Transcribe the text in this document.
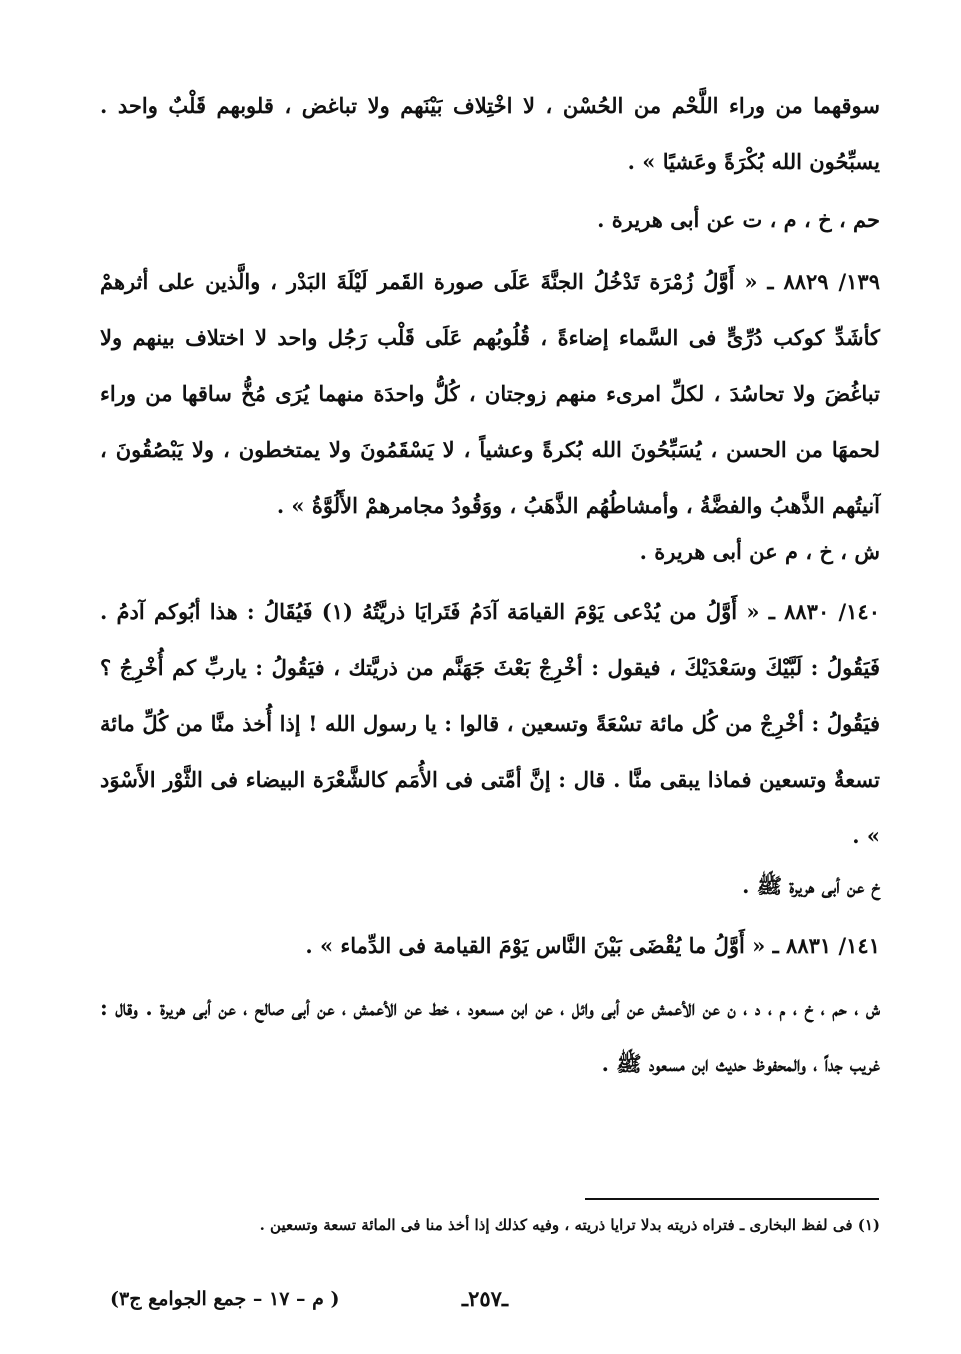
سوقهما من وراء اللَّحْم من الحُسْن ، لا اخْتِلاف بَيْنَهم ولا تباغض ، قلوبهم قَلْبٌ واحد . يسبِّحُون الله بُكْرَةً وعَشيًا » .

حم ، خ ، م ، ت عن أبى هريرة .

١٣٩/ ٨٨٢٩ ـ « أَوَّلُ زُمْرَة تَدْخُلُ الجنَّةَ عَلَى صورة القَمر لَيْلَةَ البَدْر ، والَّذين على أثرهمْ كأشَدِّ كوكب دُرِّىٍّ فى السَّماء إضاءةً ، قُلُوبُهم عَلَى قَلْب رَجُل واحد لا اختلاف بينهم ولا تباغُضَ ولا تحاسُدَ ، لكلِّ امرىء منهم زوجتان ، كُلُّ واحدَة منهما يُرَى مُخُّ ساقها من وراء لحمهَا من الحسن ، يُسَبِّحُونَ الله بُكرةً وعشياً ، لا يَسْقَمُونَ ولا يمتخطون ، ولا يَبْصُقُونَ ، آنيتُهم الذَّهبُ والفضَّةُ ، وأمشاطُهُم الذَّهَبُ ، ووَقُودُ مجامرهمْ الأَلُوَّةُ » .

ش ، خ ، م عن أبى هريرة .

١٤٠/ ٨٨٣٠ ـ « أَوَّلُ من يُدْعى يَوْمَ القيامَة آدَمُ فَتَرايَا ذريَّتُهُ (١) فَيُقَالُ : هذا أبُوكم آدمُ . فَيَقُولُ : لَبَّيْكَ وسَعْدَيْكَ ، فيقول : أخْرِجْ بَعْثَ جَهَنَّم من ذريَّتك ، فيَقُولُ : ياربِّ كم أُخْرِجُ ؟ فيَقُولُ : أخْرِجْ من كُل مائة تسْعَةً وتسعين ، قالوا : يا رسول الله ! إذا أُخذ منَّا من كُلِّ مائة تسعةٌ وتسعين فماذا يبقى منَّا . قال : إنَّ أمَّتى فى الأُمَم كالشَّعْرَة البيضاء فى الثَّوْر الأَسْوَد » .

خ عن أبى هريرة ﷺ .

١٤١/ ٨٨٣١ ـ « أَوَّلُ ما يُقْضَى بَيْنَ النَّاس يَوْمَ القيامة فى الدِّماء » .

ش ، حم ، خ ، م ، د ، ن عن الأعمش عن أبى وائل ، عن ابن مسعود ، خط عن الأعمش ، عن أبى صالح ، عن أبى هريرة . وقال : غريب جداً ، والمحفوظ حديث ابن مسعود ﷺ .

(١) فى لفظ البخارى ـ فتراه ذريته بدلا ترايا ذريته ، وفيه كذلك إذا أخذ منا فى المائة تسعة وتسعين .

ـ٢٥٧ـ
( م – ١٧ – جمع الجوامع ج٣)
